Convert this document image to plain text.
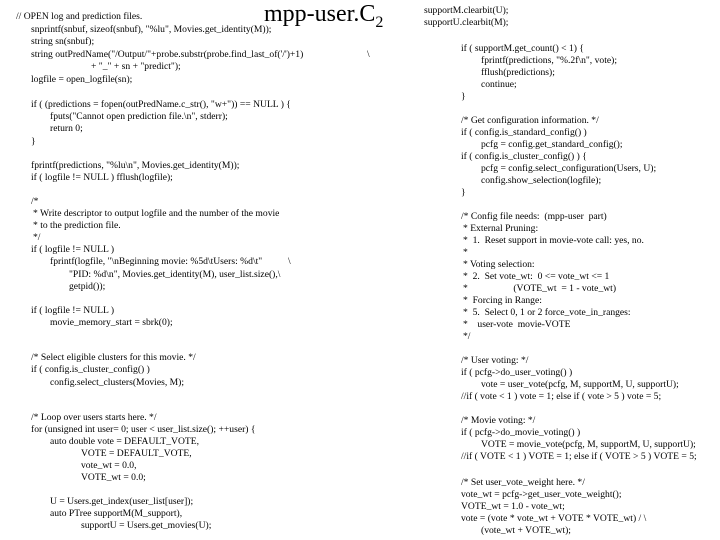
mpp-$user.C_2$
// OPEN log and prediction files.
snprintf(snbuf, sizeof(snbuf), "%lu", Movies.get_identity(M));
string sn(snbuf);
string outPredName("/Output/"+probe.substr(probe.find_last_of('/')+1)
+ "_" + sn + "predict");
logfile = open_logfile(sn);
\
if ( (predictions = fopen(outPredName.c_str(), "w+")) == NULL ) {
fputs("Cannot open prediction file.\n", stderr);
return 0;
}
fprintf(predictions, "%lu\n", Movies.get_identity(M));
if ( logfile != NULL ) fflush(logfile);
/*
* Write descriptor to output logfile and the number of the movie
* to the prediction file.
*/
if ( logfile != NULL )
fprintf(logfile, "\nBeginning movie: %5d\tUsers: %d\t"	\
"PID: %d\n", Movies.get_identity(M), user_list.size(),\
getpid());
if ( logfile != NULL )
movie_memory_start = sbrk(0);
/* Select eligible clusters for this movie. */
if ( config.is_cluster_config() )
config.select_clusters(Movies, M);
/* Loop over users starts here. */
for (unsigned int user= 0; user < user_list.size(); ++user) {
auto double vote = DEFAULT_VOTE,
VOTE = DEFAULT_VOTE,
vote_wt = 0.0,
VOTE_wt = 0.0;
U = Users.get_index(user_list[user]);
auto PTree supportM(M_support),
supportU = Users.get_movies(U);
supportM.clearbit(U);
supportU.clearbit(M);
if ( supportM.get_count() < 1) {
fprintf(predictions, "%.2f\n", vote);
fflush(predictions);
continue;
}
/* Get configuration information. */
if ( config.is_standard_config() )
pcfg = config.get_standard_config();
if ( config.is_cluster_config() ) {
pcfg = config.select_configuration(Users, U);
config.show_selection(logfile);
}
/* Config file needs:  (mpp-user  part)
* External Pruning:
*  1.  Reset support in movie-vote call: yes, no.
*
* Voting selection:
*  2.  Set vote_wt:  0 <= vote_wt <= 1
*                   (VOTE_wt  = 1 - vote_wt)
*  Forcing in Range:
*  5.  Select 0, 1 or 2 force_vote_in_ranges:
*    user-vote  movie-VOTE
*/
/* User voting: */
if ( pcfg->do_user_voting() )
vote = user_vote(pcfg, M, supportM, U, supportU);
//if ( vote < 1 ) vote = 1; else if ( vote > 5 ) vote = 5;
/* Movie voting: */
if ( pcfg->do_movie_voting() )
VOTE = movie_vote(pcfg, M, supportM, U, supportU);
//if ( VOTE < 1 ) VOTE = 1; else if ( VOTE > 5 ) VOTE = 5;
/* Set user_vote_weight here. */
vote_wt = pcfg->get_user_vote_weight();
VOTE_wt = 1.0 - vote_wt;
vote = (vote * vote_wt + VOTE * VOTE_wt) / \
(vote_wt + VOTE_wt);
